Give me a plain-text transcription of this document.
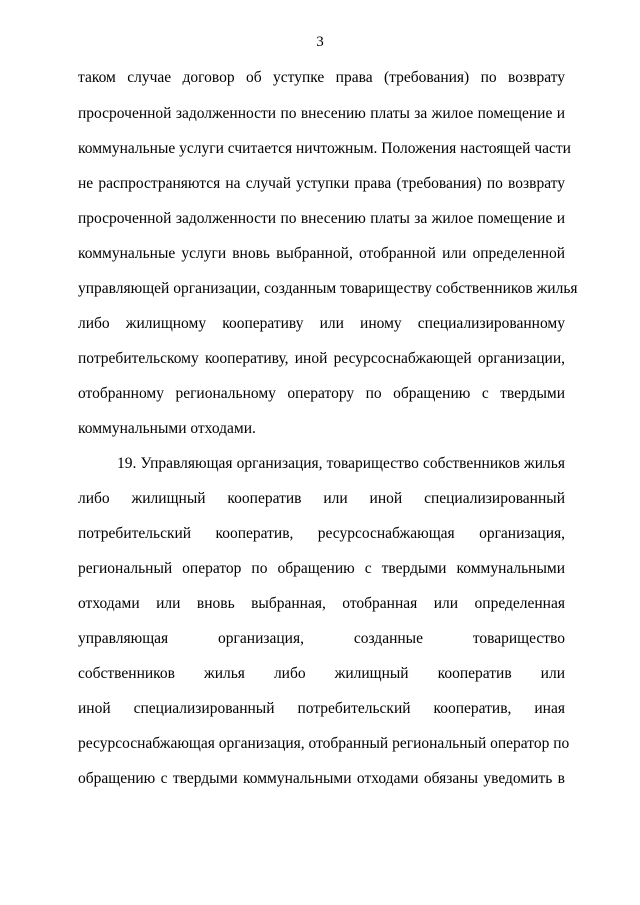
3
таком случае договор об уступке права (требования) по возврату
просроченной задолженности по внесению платы за жилое помещение и
коммунальные услуги считается ничтожным. Положения настоящей части
не распространяются на случай уступки права (требования) по возврату
просроченной задолженности по внесению платы за жилое помещение и
коммунальные услуги вновь выбранной, отобранной или определенной
управляющей организации, созданным товариществу собственников жилья
либо жилищному кооперативу или иному специализированному
потребительскому кооперативу, иной ресурсоснабжающей организации,
отобранному региональному оператору по обращению с твердыми
коммунальными отходами.
19. Управляющая организация, товарищество собственников жилья
либо жилищный кооператив или иной специализированный
потребительский кооператив, ресурсоснабжающая организация,
региональный оператор по обращению с твердыми коммунальными
отходами или вновь выбранная, отобранная или определенная
управляющая организация, созданные товарищество
собственников жилья либо жилищный кооператив или
иной специализированный потребительский кооператив, иная
ресурсоснабжающая организация, отобранный региональный оператор по
обращению с твердыми коммунальными отходами обязаны уведомить в
